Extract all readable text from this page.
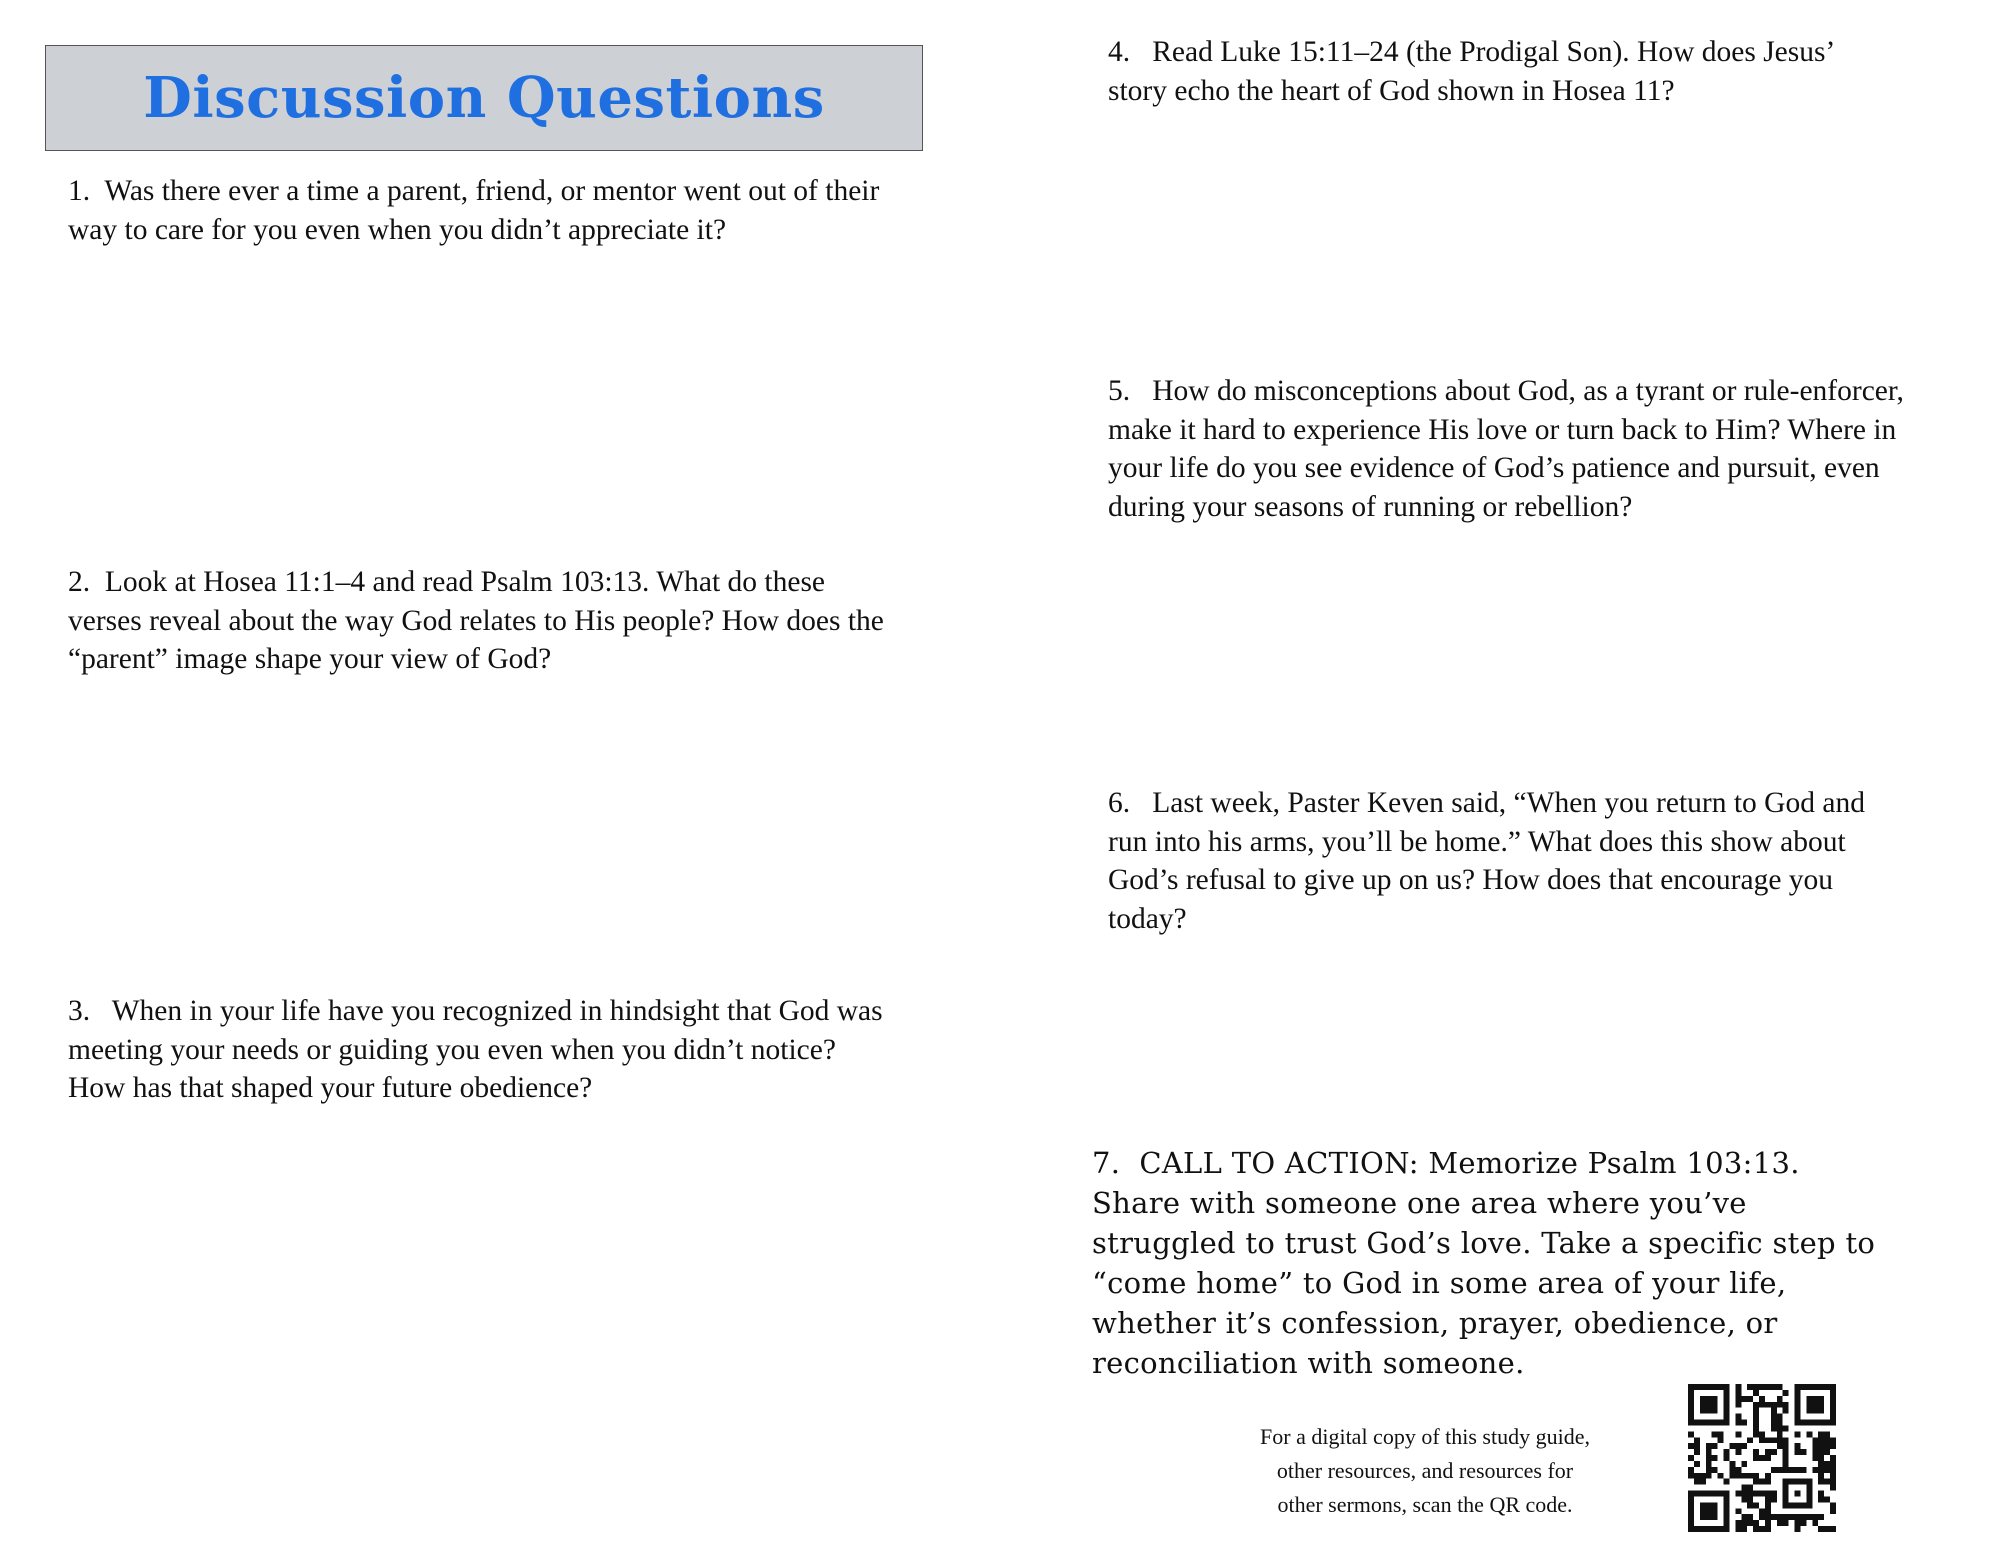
Discussion Questions

1. Was there ever a time a parent, friend, or mentor went out of their way to care for you even when you didn’t appreciate it?

2. Look at Hosea 11:1–4 and read Psalm 103:13. What do these verses reveal about the way God relates to His people? How does the “parent” image shape your view of God?

3. When in your life have you recognized in hindsight that God was meeting your needs or guiding you even when you didn’t notice? How has that shaped your future obedience?

4. Read Luke 15:11–24 (the Prodigal Son). How does Jesus’ story echo the heart of God shown in Hosea 11?

5. How do misconceptions about God, as a tyrant or rule-enforcer, make it hard to experience His love or turn back to Him? Where in your life do you see evidence of God’s patience and pursuit, even during your seasons of running or rebellion?

6. Last week, Paster Keven said, “When you return to God and run into his arms, you’ll be home.” What does this show about God’s refusal to give up on us? How does that encourage you today?

7. CALL TO ACTION: Memorize Psalm 103:13. Share with someone one area where you’ve struggled to trust God’s love. Take a specific step to “come home” to God in some area of your life, whether it’s confession, prayer, obedience, or reconciliation with someone.

For a digital copy of this study guide,
other resources, and resources for
other sermons, scan the QR code.
